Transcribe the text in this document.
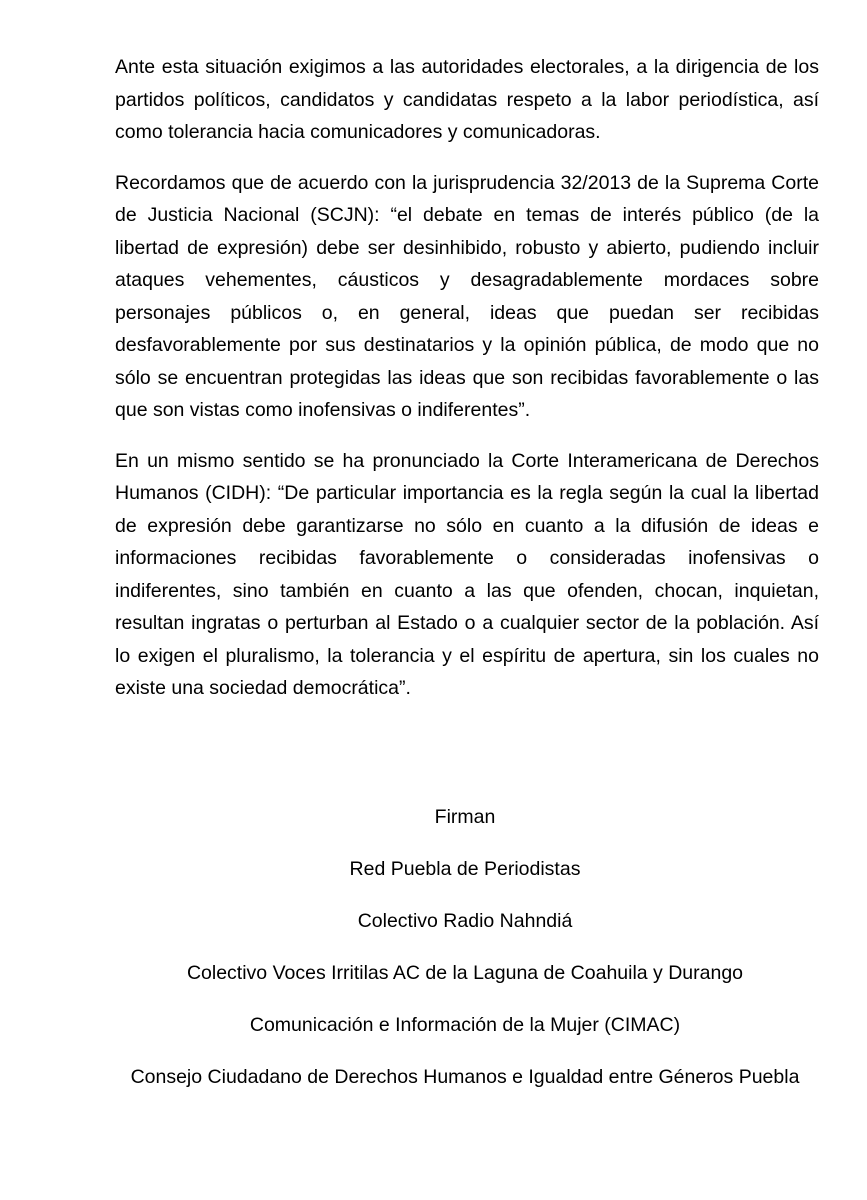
Ante esta situación exigimos a las autoridades electorales, a la dirigencia de los partidos políticos, candidatos y candidatas respeto a la labor periodística, así como tolerancia hacia comunicadores y comunicadoras.

Recordamos que de acuerdo con la jurisprudencia 32/2013 de la Suprema Corte de Justicia Nacional (SCJN): “el debate en temas de interés público (de la libertad de expresión) debe ser desinhibido, robusto y abierto, pudiendo incluir ataques vehementes, cáusticos y desagradablemente mordaces sobre personajes públicos o, en general, ideas que puedan ser recibidas desfavorablemente por sus destinatarios y la opinión pública, de modo que no sólo se encuentran protegidas las ideas que son recibidas favorablemente o las que son vistas como inofensivas o indiferentes”.

En un mismo sentido se ha pronunciado la Corte Interamericana de Derechos Humanos (CIDH): “De particular importancia es la regla según la cual la libertad de expresión debe garantizarse no sólo en cuanto a la difusión de ideas e informaciones recibidas favorablemente o consideradas inofensivas o indiferentes, sino también en cuanto a las que ofenden, chocan, inquietan, resultan ingratas o perturban al Estado o a cualquier sector de la población. Así lo exigen el pluralismo, la tolerancia y el espíritu de apertura, sin los cuales no existe una sociedad democrática”.

Firman
Red Puebla de Periodistas
Colectivo Radio Nahndiá
Colectivo Voces Irritilas AC de la Laguna de Coahuila y Durango
Comunicación e Información de la Mujer (CIMAC)
Consejo Ciudadano de Derechos Humanos e Igualdad entre Géneros Puebla
